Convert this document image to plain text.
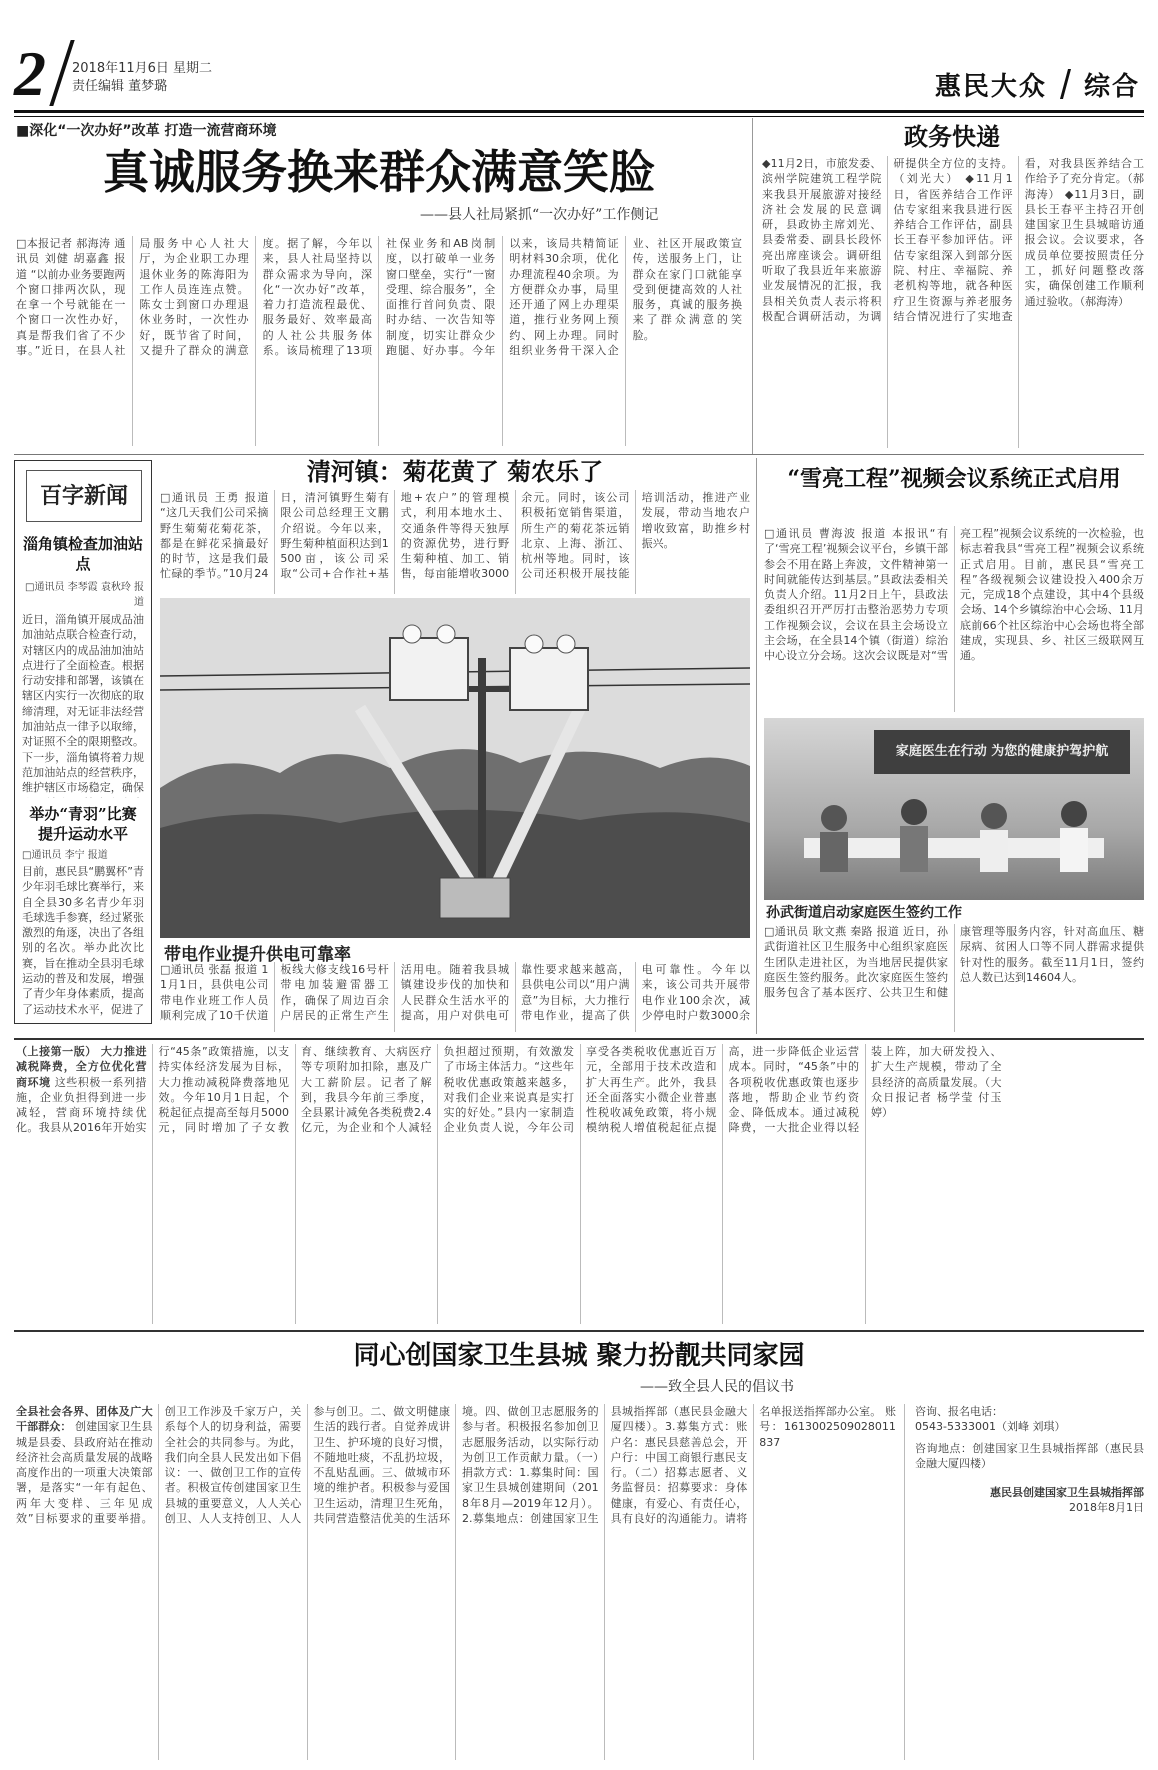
2 2018年11月6日 星期二
责任编辑 董梦璐	惠民大众 综合
■深化“一次办好”改革 打造一流营商环境
真诚服务换来群众满意笑脸
——县人社局紧抓“一次办好”工作侧记
□本报记者 郝海涛 通讯员 刘健 胡嘉鑫 报道 “以前办业务要跑两个窗口排两次队，现在拿一个号就能在一个窗口一次性办好，真是帮我们省了不少事。”近日，在县人社局服务中心人社大厅，为企业职工办理退休业务的陈海阳为工作人员连连点赞。陈女士到窗口办理退休业务时，一次性办好，既节省了时间，又提升了群众的满意度。据了解，今年以来，县人社局坚持以群众需求为导向，深化“一次办好”改革，着力打造流程最优、服务最好、效率最高的人社公共服务体系。该局梳理了13项社保业务和AB岗制度，以打破单一业务窗口壁垒，实行“一窗受理、综合服务”，全面推行首问负责、限时办结、一次告知等制度，切实让群众少跑腿、好办事。今年以来，该局共精简证明材料30余项，优化办理流程40余项。为方便群众办事，局里还开通了网上办理渠道，推行业务网上预约、网上办理。同时组织业务骨干深入企业、社区开展政策宣传，送服务上门，让群众在家门口就能享受到便捷高效的人社服务，真诚的服务换来了群众满意的笑脸。
政务快递
◆11月2日，市旅发委、滨州学院建筑工程学院来我县开展旅游对接经济社会发展的民意调研，县政协主席刘光、县委常委、副县长段怀亮出席座谈会。调研组听取了我县近年来旅游业发展情况的汇报，我县相关负责人表示将积极配合调研活动，为调研提供全方位的支持。（刘光大） ◆11月1日，省医养结合工作评估专家组来我县进行医养结合工作评估，副县长王春平参加评估。评估专家组深入到部分医院、村庄、幸福院、养老机构等地，就各种医疗卫生资源与养老服务结合情况进行了实地查看，对我县医养结合工作给予了充分肯定。（郝海涛） ◆11月3日，副县长王春平主持召开创建国家卫生县城暗访通报会议。会议要求，各成员单位要按照责任分工，抓好问题整改落实，确保创建工作顺利通过验收。（郝海涛）
百字新闻
淄角镇检查加油站点
□通讯员 李琴霞 袁秋玲 报道
近日，淄角镇开展成品油加油站点联合检查行动，对辖区内的成品油加油站点进行了全面检查。根据行动安排和部署，该镇在辖区内实行一次彻底的取缔清理，对无证非法经营加油站点一律予以取缔，对证照不全的限期整改。下一步，淄角镇将着力规范加油站点的经营秩序，维护辖区市场稳定，确保
举办“青羽”比赛提升运动水平
□通讯员 李宁 报道
目前，惠民县“鹏翼杯”青少年羽毛球比赛举行，来自全县30多名青少年羽毛球选手参赛，经过紧张激烈的角逐，决出了各组别的名次。举办此次比赛，旨在推动全县羽毛球运动的普及和发展，增强了青少年身体素质，提高了运动技术水平，促进了
清河镇：菊花黄了 菊农乐了
□通讯员 王勇 报道 “这几天我们公司采摘野生菊菊花菊花茶，都是在鲜花采摘最好的时节，这是我们最忙碌的季节。”10月24日，清河镇野生菊有限公司总经理王文鹏介绍说。今年以来，野生菊种植面积达到1500亩，该公司采取“公司+合作社+基地+农户”的管理模式，利用本地水土、交通条件等得天独厚的资源优势，进行野生菊种植、加工、销售，每亩能增收3000余元。同时，该公司积极拓宽销售渠道，所生产的菊花茶远销北京、上海、浙江、杭州等地。同时，该公司还积极开展技能培训活动，推进产业发展，带动当地农户增收致富，助推乡村振兴。
带电作业提升供电可靠率
□通讯员 张磊 报道 11月1日，县供电公司带电作业班工作人员顺利完成了10千伏道板线大修支线16号杆带电加装避雷器工作，确保了周边百余户居民的正常生产生活用电。随着我县城镇建设步伐的加快和人民群众生活水平的提高，用户对供电可靠性要求越来越高，县供电公司以“用户满意”为目标，大力推行带电作业，提高了供电可靠性。今年以来，该公司共开展带电作业100余次，减少停电时户数3000余
“雪亮工程”视频会议系统正式启用
□通讯员 曹海波 报道 本报讯“有了‘雪亮工程’视频会议平台，乡镇干部参会不用在路上奔波，文件精神第一时间就能传达到基层。”县政法委相关负责人介绍。11月2日上午，县政法委组织召开严厉打击整治恶势力专项工作视频会议，会议在县主会场设立主会场，在全县14个镇（街道）综治中心设立分会场。这次会议既是对“雪亮工程”视频会议系统的一次检验，也标志着我县“雪亮工程”视频会议系统正式启用。目前，惠民县“雪亮工程”各级视频会议建设投入400余万元，完成18个点建设，其中4个县级会场、14个乡镇综治中心会场、11月底前66个社区综治中心会场也将全部建成，实现县、乡、社区三级联网互通。
家庭医生在行动 为您的健康护驾护航
孙武街道启动家庭医生签约工作
□通讯员 耿文燕 秦路 报道 近日，孙武街道社区卫生服务中心组织家庭医生团队走进社区，为当地居民提供家庭医生签约服务。此次家庭医生签约服务包含了基本医疗、公共卫生和健康管理等服务内容，针对高血压、糖尿病、贫困人口等不同人群需求提供针对性的服务。截至11月1日，签约总人数已达到14604人。
（上接第一版） 大力推进减税降费，全方位优化营商环境 这些积极一系列措施，企业负担得到进一步减轻，营商环境持续优化。我县从2016年开始实行“45条”政策措施，以支持实体经济发展为目标，大力推动减税降费落地见效。今年10月1日起，个税起征点提高至每月5000元，同时增加了子女教育、继续教育、大病医疗等专项附加扣除，惠及广大工薪阶层。记者了解到，我县今年前三季度，全县累计减免各类税费2.4亿元，为企业和个人减轻负担超过预期，有效激发了市场主体活力。“这些年税收优惠政策越来越多，对我们企业来说真是实打实的好处。”县内一家制造企业负责人说，今年公司享受各类税收优惠近百万元，全部用于技术改造和扩大再生产。此外，我县还全面落实小微企业普惠性税收减免政策，将小规模纳税人增值税起征点提高，进一步降低企业运营成本。同时，“45条”中的各项税收优惠政策也逐步落地，帮助企业节约资金、降低成本。通过减税降费，一大批企业得以轻装上阵，加大研发投入、扩大生产规模，带动了全县经济的高质量发展。（大众日报记者 杨学莹 付玉婷）
同心创国家卫生县城 聚力扮靓共同家园
——致全县人民的倡议书
全县社会各界、团体及广大干部群众： 创建国家卫生县城是县委、县政府站在推动经济社会高质量发展的战略高度作出的一项重大决策部署，是落实“一年有起色、两年大变样、三年见成效”目标要求的重要举措。创卫工作涉及千家万户，关系每个人的切身利益，需要全社会的共同参与。为此，我们向全县人民发出如下倡议：一、做创卫工作的宣传者。积极宣传创建国家卫生县城的重要意义，人人关心创卫、人人支持创卫、人人参与创卫。二、做文明健康生活的践行者。自觉养成讲卫生、护环境的良好习惯，不随地吐痰，不乱扔垃圾，不乱贴乱画。三、做城市环境的维护者。积极参与爱国卫生运动，清理卫生死角，共同营造整洁优美的生活环境。四、做创卫志愿服务的参与者。积极报名参加创卫志愿服务活动，以实际行动为创卫工作贡献力量。（一）捐款方式：1.募集时间：国家卫生县城创建期间（2018年8月—2019年12月）。2.募集地点：创建国家卫生县城指挥部（惠民县金融大厦四楼）。3.募集方式：账户名：惠民县慈善总会，开户行：中国工商银行惠民支行。（二）招募志愿者、义务监督员：招募要求：身体健康，有爱心、有责任心，具有良好的沟通能力。请将名单报送指挥部办公室。 账号：1613002509028011837
咨询、报名电话：
0543-5333001（刘峰 刘琪）
咨询地点：创建国家卫生县城指挥部（惠民县金融大厦四楼）
惠民县创建国家卫生县城指挥部
2018年8月1日
